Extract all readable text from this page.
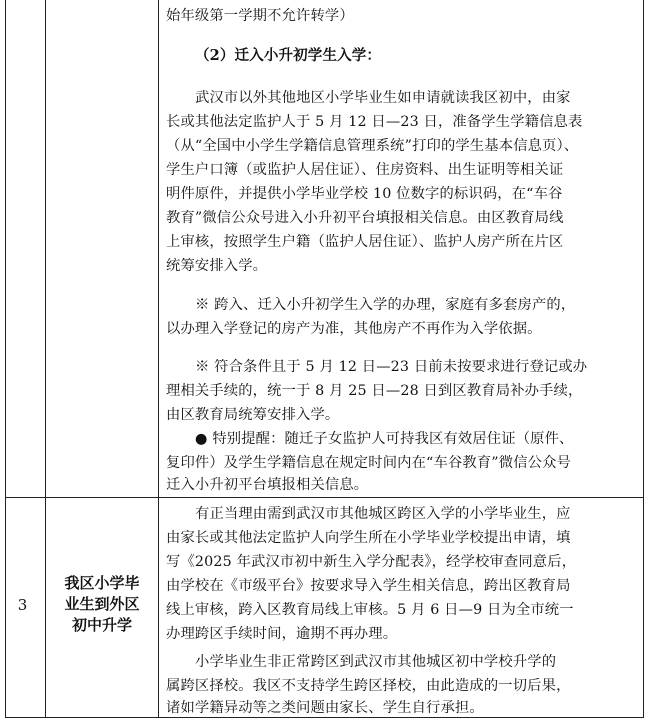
始年级第一学期不允许转学）
（2）迁入小升初学生入学：
武汉市以外其他地区小学毕业生如申请就读我区初中，由家
长或其他法定监护人于 5 月 12 日—23 日，准备学生学籍信息表
（从“全国中小学生学籍信息管理系统”打印的学生基本信息页）、
学生户口簿（或监护人居住证）、住房资料、出生证明等相关证
明件原件，并提供小学毕业学校 10 位数字的标识码，在“车谷
教育”微信公众号进入小升初平台填报相关信息。由区教育局线
上审核，按照学生户籍（监护人居住证）、监护人房产所在片区
统筹安排入学。
※ 跨入、迁入小升初学生入学的办理，家庭有多套房产的，
以办理入学登记的房产为准，其他房产不再作为入学依据。
※ 符合条件且于 5 月 12 日—23 日前未按要求进行登记或办
理相关手续的，统一于 8 月 25 日—28 日到区教育局补办手续，
由区教育局统筹安排入学。
● 特别提醒：随迁子女监护人可持我区有效居住证（原件、
复印件）及学生学籍信息在规定时间内在“车谷教育”微信公众号
迁入小升初平台填报相关信息。
3
我区小学毕
业生到外区
初中升学
有正当理由需到武汉市其他城区跨区入学的小学毕业生，应
由家长或其他法定监护人向学生所在小学毕业学校提出申请，填
写《2025 年武汉市初中新生入学分配表》，经学校审查同意后，
由学校在《市级平台》按要求导入学生相关信息，跨出区教育局
线上审核，跨入区教育局线上审核。5 月 6 日—9 日为全市统一
办理跨区手续时间，逾期不再办理。
小学毕业生非正常跨区到武汉市其他城区初中学校升学的
属跨区择校。我区不支持学生跨区择校，由此造成的一切后果，
诸如学籍异动等之类问题由家长、学生自行承担。
